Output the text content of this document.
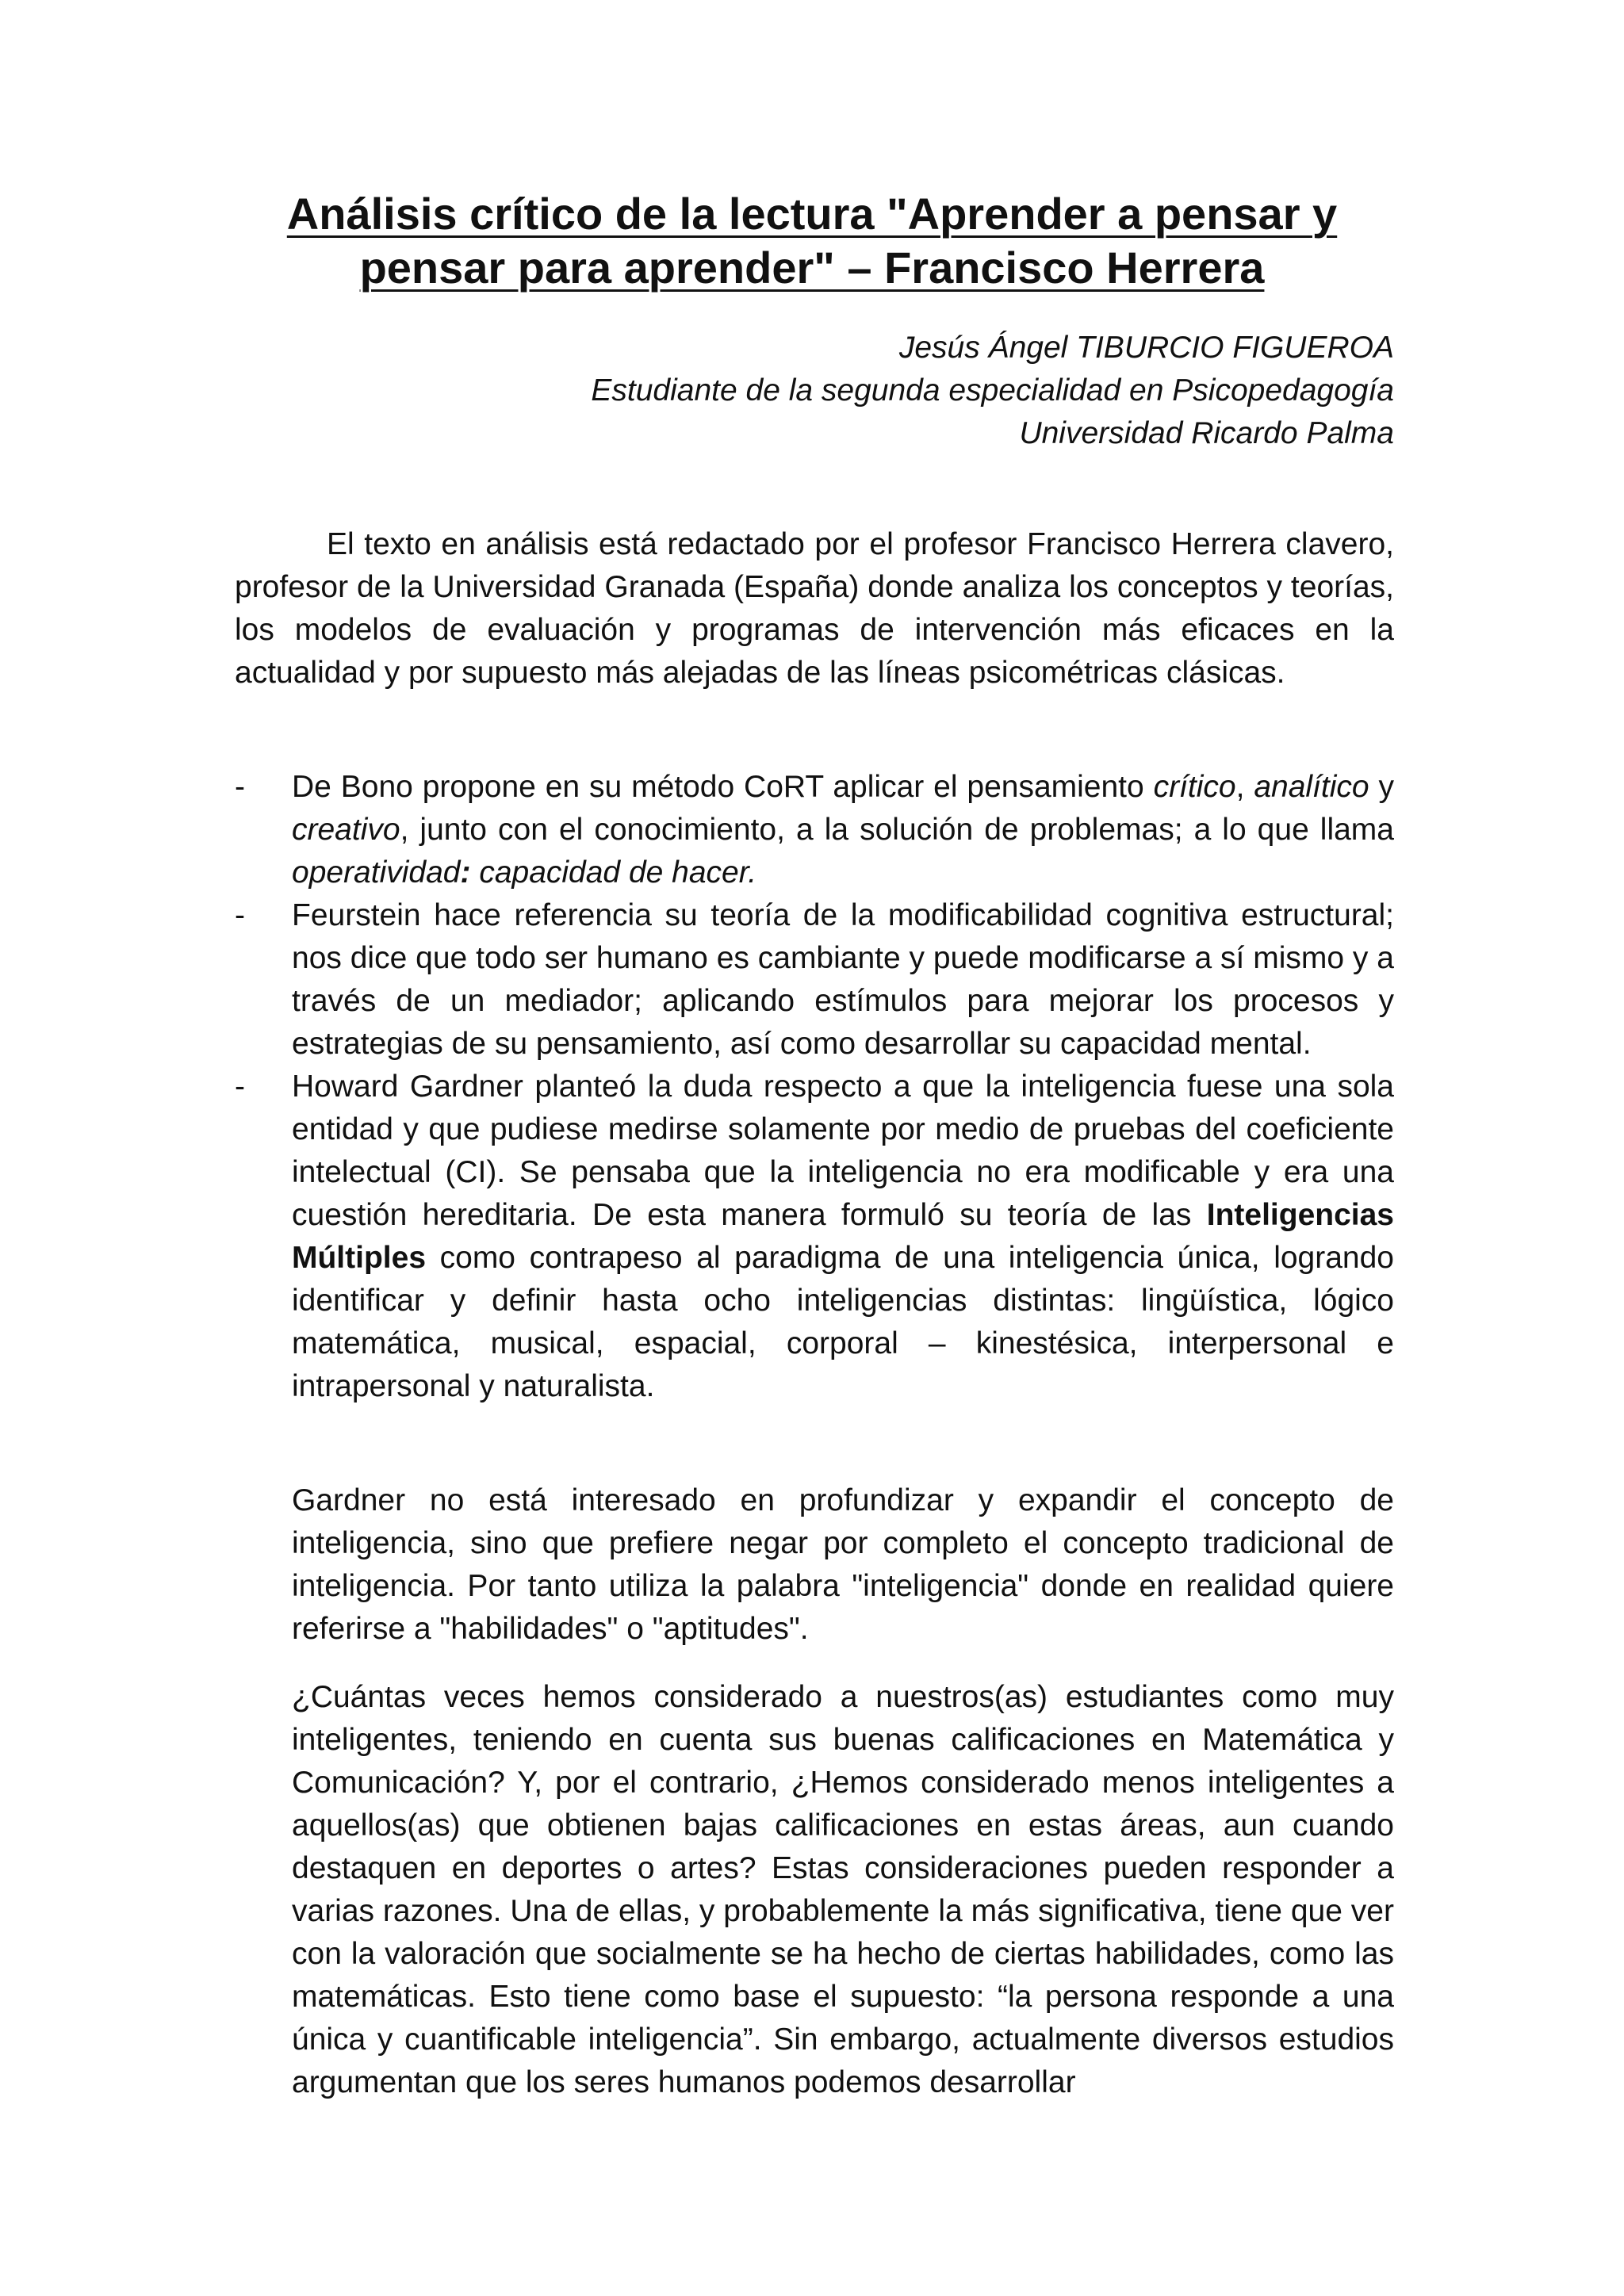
Análisis crítico de la lectura "Aprender a pensar y
pensar para aprender" – Francisco Herrera
Jesús Ángel TIBURCIO FIGUEROA
Estudiante de la segunda especialidad en Psicopedagogía
Universidad Ricardo Palma
El texto en análisis está redactado por el profesor Francisco Herrera clavero, profesor de la Universidad Granada (España) donde analiza los conceptos y teorías, los modelos de evaluación y programas de intervención más eficaces en la actualidad y por supuesto más alejadas de las líneas psicométricas clásicas.
- De Bono propone en su método CoRT aplicar el pensamiento crítico, analítico y creativo, junto con el conocimiento, a la solución de problemas; a lo que llama operatividad: capacidad de hacer.
- Feurstein hace referencia su teoría de la modificabilidad cognitiva estructural; nos dice que todo ser humano es cambiante y puede modificarse a sí mismo y a través de un mediador; aplicando estímulos para mejorar los procesos y estrategias de su pensamiento, así como desarrollar su capacidad mental.
- Howard Gardner planteó la duda respecto a que la inteligencia fuese una sola entidad y que pudiese medirse solamente por medio de pruebas del coeficiente intelectual (CI). Se pensaba que la inteligencia no era modificable y era una cuestión hereditaria. De esta manera formuló su teoría de las Inteligencias Múltiples como contrapeso al paradigma de una inteligencia única, logrando identificar y definir hasta ocho inteligencias distintas: lingüística, lógico matemática, musical, espacial, corporal – kinestésica, interpersonal e intrapersonal y naturalista.
Gardner no está interesado en profundizar y expandir el concepto de inteligencia, sino que prefiere negar por completo el concepto tradicional de inteligencia. Por tanto utiliza la palabra "inteligencia" donde en realidad quiere referirse a "habilidades" o "aptitudes".
¿Cuántas veces hemos considerado a nuestros(as) estudiantes como muy inteligentes, teniendo en cuenta sus buenas calificaciones en Matemática y Comunicación? Y, por el contrario, ¿Hemos considerado menos inteligentes a aquellos(as) que obtienen bajas calificaciones en estas áreas, aun cuando destaquen en deportes o artes? Estas consideraciones pueden responder a varias razones. Una de ellas, y probablemente la más significativa, tiene que ver con la valoración que socialmente se ha hecho de ciertas habilidades, como las matemáticas. Esto tiene como base el supuesto: “la persona responde a una única y cuantificable inteligencia”. Sin embargo, actualmente diversos estudios argumentan que los seres humanos podemos desarrollar
